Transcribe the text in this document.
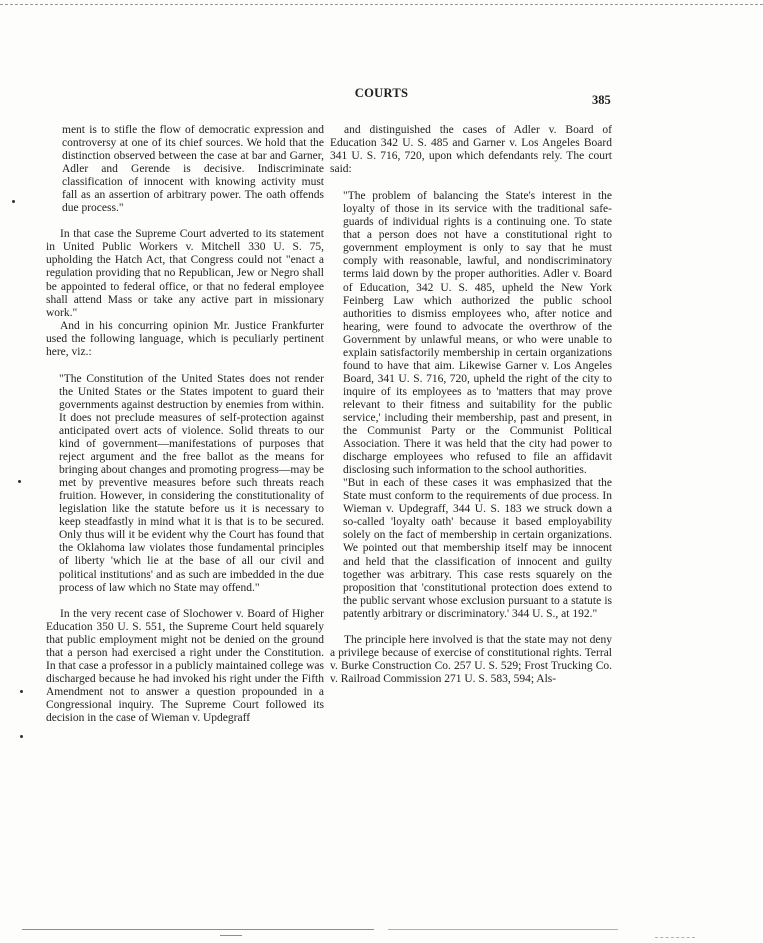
COURTS	385

ment is to stifle the flow of democratic expression and controversy at one of its chief sources. We hold that the distinction observed between the case at bar and Garner, Adler and Gerende is decisive. Indiscriminate classification of innocent with knowing activity must fall as an assertion of arbitrary power. The oath offends due process."

In that case the Supreme Court adverted to its statement in United Public Workers v. Mitchell 330 U. S. 75, upholding the Hatch Act, that Congress could not "enact a regulation providing that no Republican, Jew or Negro shall be appointed to federal office, or that no federal employee shall attend Mass or take any active part in missionary work."

And in his concurring opinion Mr. Justice Frankfurter used the following language, which is peculiarly pertinent here, viz.:

"The Constitution of the United States does not render the United States or the States impotent to guard their governments against destruction by enemies from within. It does not preclude measures of self-protection against anticipated overt acts of violence. Solid threats to our kind of government—manifestations of purposes that reject argument and the free ballot as the means for bringing about changes and promoting progress—may be met by preventive measures before such threats reach fruition. However, in considering the constitutionality of legislation like the statute before us it is necessary to keep steadfastly in mind what it is that is to be secured. Only thus will it be evident why the Court has found that the Oklahoma law violates those fundamental principles of liberty 'which lie at the base of all our civil and political institutions' and as such are imbedded in the due process of law which no State may offend."

In the very recent case of Slochower v. Board of Higher Education 350 U. S. 551, the Supreme Court held squarely that public employment might not be denied on the ground that a person had exercised a right under the Constitution. In that case a professor in a publicly maintained college was discharged because he had invoked his right under the Fifth Amendment not to answer a question propounded in a Congressional inquiry. The Supreme Court followed its decision in the case of Wieman v. Updegraff

and distinguished the cases of Adler v. Board of Education 342 U. S. 485 and Garner v. Los Angeles Board 341 U. S. 716, 720, upon which defendants rely. The court said:

"The problem of balancing the State's interest in the loyalty of those in its service with the traditional safe-guards of individual rights is a continuing one. To state that a person does not have a constitutional right to government employment is only to say that he must comply with reasonable, lawful, and nondiscriminatory terms laid down by the proper authorities. Adler v. Board of Education, 342 U. S. 485, upheld the New York Feinberg Law which authorized the public school authorities to dismiss employees who, after notice and hearing, were found to advocate the overthrow of the Government by unlawful means, or who were unable to explain satisfactorily membership in certain organizations found to have that aim. Likewise Garner v. Los Angeles Board, 341 U. S. 716, 720, upheld the right of the city to inquire of its employees as to 'matters that may prove relevant to their fitness and suitability for the public service,' including their membership, past and present, in the Communist Party or the Communist Political Association. There it was held that the city had power to discharge employees who refused to file an affidavit disclosing such information to the school authorities.

"But in each of these cases it was emphasized that the State must conform to the requirements of due process. In Wieman v. Updegraff, 344 U. S. 183 we struck down a so-called 'loyalty oath' because it based employability solely on the fact of membership in certain organizations. We pointed out that membership itself may be innocent and held that the classification of innocent and guilty together was arbitrary. This case rests squarely on the proposition that 'constitutional protection does extend to the public servant whose exclusion pursuant to a statute is patently arbitrary or discriminatory.' 344 U. S., at 192."

The principle here involved is that the state may not deny a privilege because of exercise of constitutional rights. Terral v. Burke Construction Co. 257 U. S. 529; Frost Trucking Co. v. Railroad Commission 271 U. S. 583, 594; Als-
